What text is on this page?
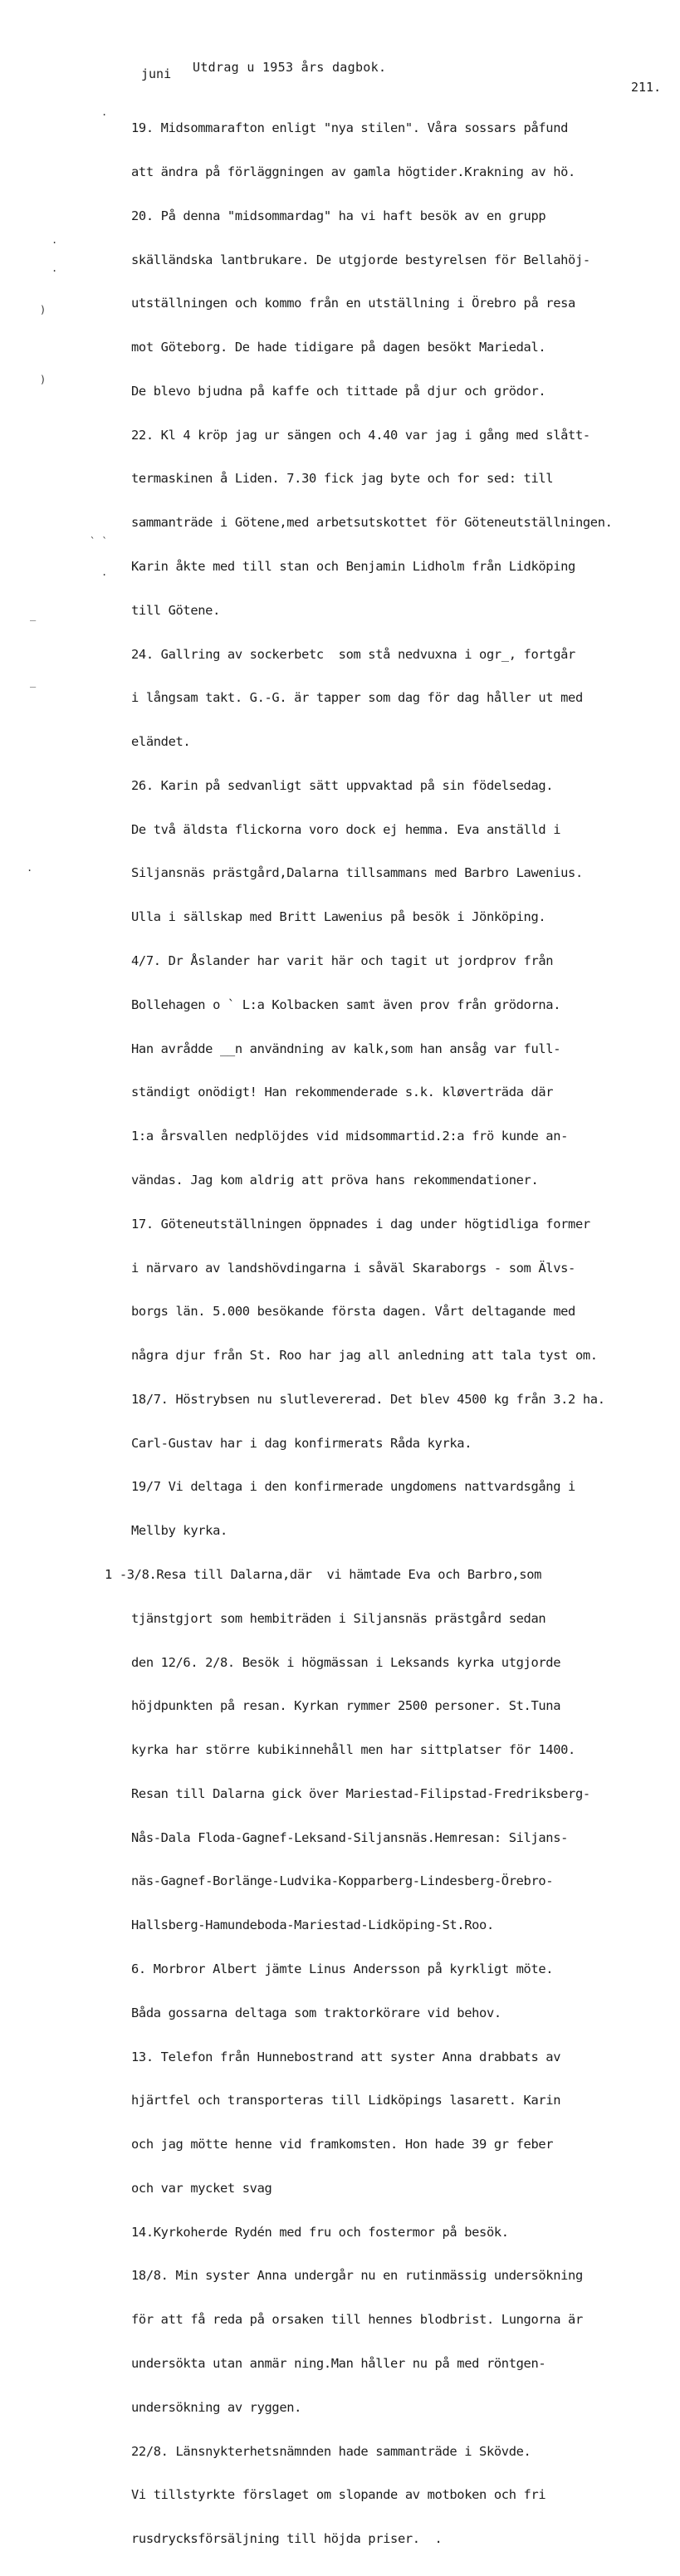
juni Utdrag u 1953 års dagbok.
211.
.
.
.
)
)
` `
.
_
_
.

19. Midsommarafton enligt "nya stilen". Våra sossars påfund

att ändra på förläggningen av gamla högtider.Krakning av hö.

20. På denna "midsommardag" ha vi haft besök av en grupp

skälländska lantbrukare. De utgjorde bestyrelsen för Bellahöj-

utställningen och kommo från en utställning i Örebro på resa

mot Göteborg. De hade tidigare på dagen besökt Mariedal.

De blevo bjudna på kaffe och tittade på djur och grödor.

22. Kl 4 kröp jag ur sängen och 4.40 var jag i gång med slått-

termaskinen å Liden. 7.30 fick jag byte och for sed: till

sammanträde i Götene,med arbetsutskottet för Göteneutställningen.

Karin åkte med till stan och Benjamin Lidholm från Lidköping

till Götene.

24. Gallring av sockerbetc  som stå nedvuxna i ogr_, fortgår

i långsam takt. G.-G. är tapper som dag för dag håller ut med

eländet.

26. Karin på sedvanligt sätt uppvaktad på sin födelsedag.

De två äldsta flickorna voro dock ej hemma. Eva anställd i

Siljansnäs prästgård,Dalarna tillsammans med Barbro Lawenius.

Ulla i sällskap med Britt Lawenius på besök i Jönköping.

4/7. Dr Åslander har varit här och tagit ut jordprov från

Bollehagen o ` L:a Kolbacken samt även prov från grödorna.

Han avrådde __n användning av kalk,som han ansåg var full-

ständigt onödigt! Han rekommenderade s.k. kløverträda där

1:a årsvallen nedplöjdes vid midsommartid.2:a frö kunde an-

vändas. Jag kom aldrig att pröva hans rekommendationer.

17. Göteneutställningen öppnades i dag under högtidliga former

i närvaro av landshövdingarna i såväl Skaraborgs - som Älvs-

borgs län. 5.000 besökande första dagen. Vårt deltagande med

några djur från St. Roo har jag all anledning att tala tyst om.

18/7. Höstrybsen nu slutlevererad. Det blev 4500 kg från 3.2 ha.

Carl-Gustav har i dag konfirmerats Råda kyrka.

19/7 Vi deltaga i den konfirmerade ungdomens nattvardsgång i

Mellby kyrka.

1 -3/8.Resa till Dalarna,där  vi hämtade Eva och Barbro,som

tjänstgjort som hembiträden i Siljansnäs prästgård sedan

den 12/6. 2/8. Besök i högmässan i Leksands kyrka utgjorde

höjdpunkten på resan. Kyrkan rymmer 2500 personer. St.Tuna

kyrka har större kubikinnehåll men har sittplatser för 1400.

Resan till Dalarna gick över Mariestad-Filipstad-Fredriksberg-

Nås-Dala Floda-Gagnef-Leksand-Siljansnäs.Hemresan: Siljans-

näs-Gagnef-Borlänge-Ludvika-Kopparberg-Lindesberg-Örebro-

Hallsberg-Hamundeboda-Mariestad-Lidköping-St.Roo.

6. Morbror Albert jämte Linus Andersson på kyrkligt möte.

Båda gossarna deltaga som traktorkörare vid behov.

13. Telefon från Hunnebostrand att syster Anna drabbats av

hjärtfel och transporteras till Lidköpings lasarett. Karin

och jag mötte henne vid framkomsten. Hon hade 39 gr feber

och var mycket svag

14.Kyrkoherde Rydén med fru och fostermor på besök.

18/8. Min syster Anna undergår nu en rutinmässig undersökning

för att få reda på orsaken till hennes blodbrist. Lungorna är

undersökta utan anmär ning.Man håller nu på med röntgen-

undersökning av ryggen.

22/8. Länsnykterhetsnämnden hade sammanträde i Skövde.

Vi tillstyrkte förslaget om slopande av motboken och fri

rusdrycksförsäljning till höjda priser.  .
